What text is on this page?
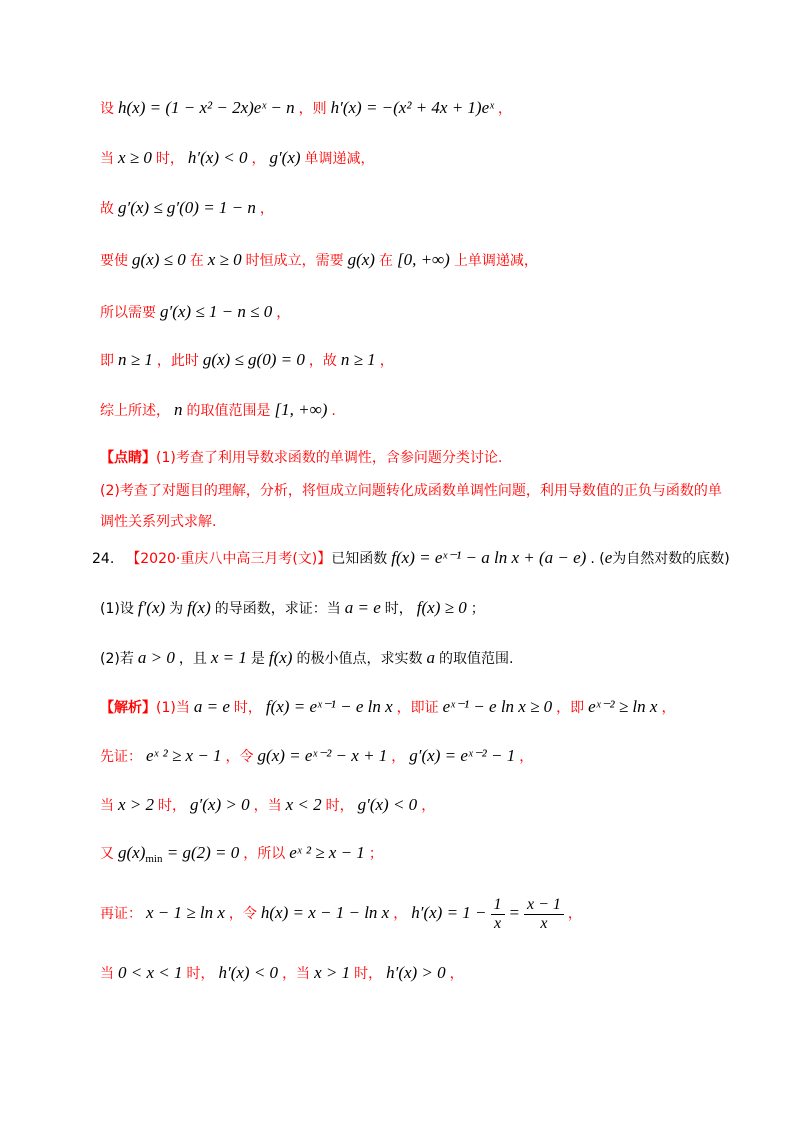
设 h(x) = (1 − x² − 2x)eˣ − n ，则 h′(x) = −(x² + 4x + 1)eˣ ，
当 x ≥ 0 时， h′(x) < 0 ， g′(x) 单调递减，
故 g′(x) ≤ g′(0) = 1 − n ，
要使 g(x) ≤ 0 在 x ≥ 0 时恒成立，需要 g(x) 在 [0, +∞) 上单调递减，
所以需要 g′(x) ≤ 1 − n ≤ 0 ，
即 n ≥ 1 ，此时 g(x) ≤ g(0) = 0 ，故 n ≥ 1 ，
综上所述， n 的取值范围是 [1, +∞) .
【点睛】(1)考查了利用导数求函数的单调性，含参问题分类讨论.
(2)考查了对题目的理解，分析，将恒成立问题转化成函数单调性问题，利用导数值的正负与函数的单
调性关系列式求解.
24. 【2020·重庆八中高三月考(文)】已知函数 f(x) = eˣ⁻¹ − a ln x + (a − e) . (e为自然对数的底数)
(1)设 f′(x) 为 f(x) 的导函数，求证：当 a = e 时， f(x) ≥ 0 ；
(2)若 a > 0 ，且 x = 1 是 f(x) 的极小值点，求实数 a 的取值范围.
【解析】(1)当 a = e 时， f(x) = eˣ⁻¹ − e ln x ，即证 eˣ⁻¹ − e ln x ≥ 0 ，即 eˣ⁻² ≥ ln x ，
先证： eˣ ² ≥ x − 1 ，令 g(x) = eˣ⁻² − x + 1 ， g′(x) = eˣ⁻² − 1 ，
当 x > 2 时， g′(x) > 0 ，当 x < 2 时， g′(x) < 0 ，
又 $g(x)_{min} = g(2) = 0$ ，所以 eˣ ² ≥ x − 1 ；
再证： x − 1 ≥ ln x ，令 h(x) = x − 1 − ln x ， $h'(x) = 1 - \frac{1}{x} = \frac{x - 1}{x}$ ，
当 0 < x < 1 时， h′(x) < 0 ，当 x > 1 时， h′(x) > 0 ，
